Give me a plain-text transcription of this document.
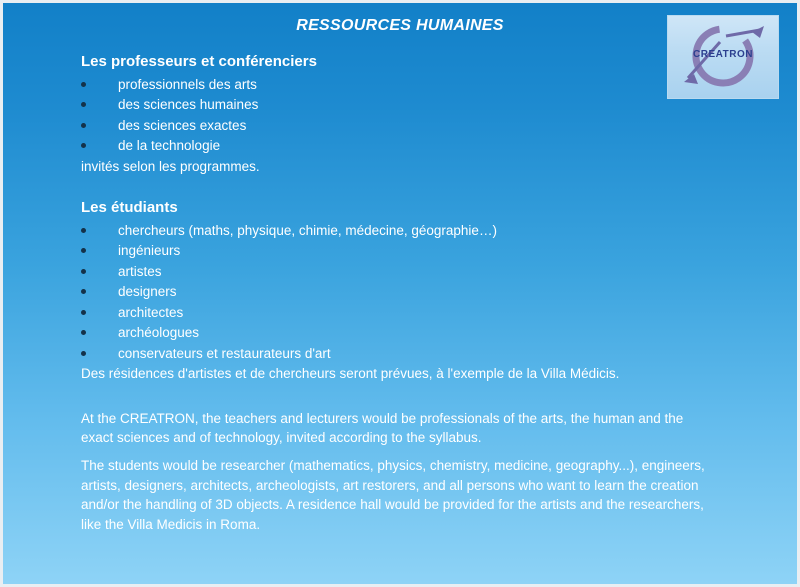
RESSOURCES HUMAINES
CREATRON
Les professeurs et conférenciers
professionnels des arts
des sciences humaines
des sciences exactes
de la technologie

invités selon les programmes.

Les étudiants
chercheurs (maths, physique, chimie, médecine, géographie…)
ingénieurs
artistes
designers
architectes
archéologues
conservateurs et restaurateurs d'art

Des résidences d'artistes et de chercheurs seront prévues, à l'exemple de la Villa Médicis.

At the CREATRON, the teachers and lecturers would be professionals of the arts, the human and the exact sciences and of technology, invited according to the syllabus.

The students would be researcher (mathematics, physics, chemistry, medicine, geography...), engineers, artists, designers, architects, archeologists, art restorers, and all persons who want to learn the creation and/or the handling of 3D objects. A residence hall would be provided for the artists and the researchers, like the Villa Medicis in Roma.
